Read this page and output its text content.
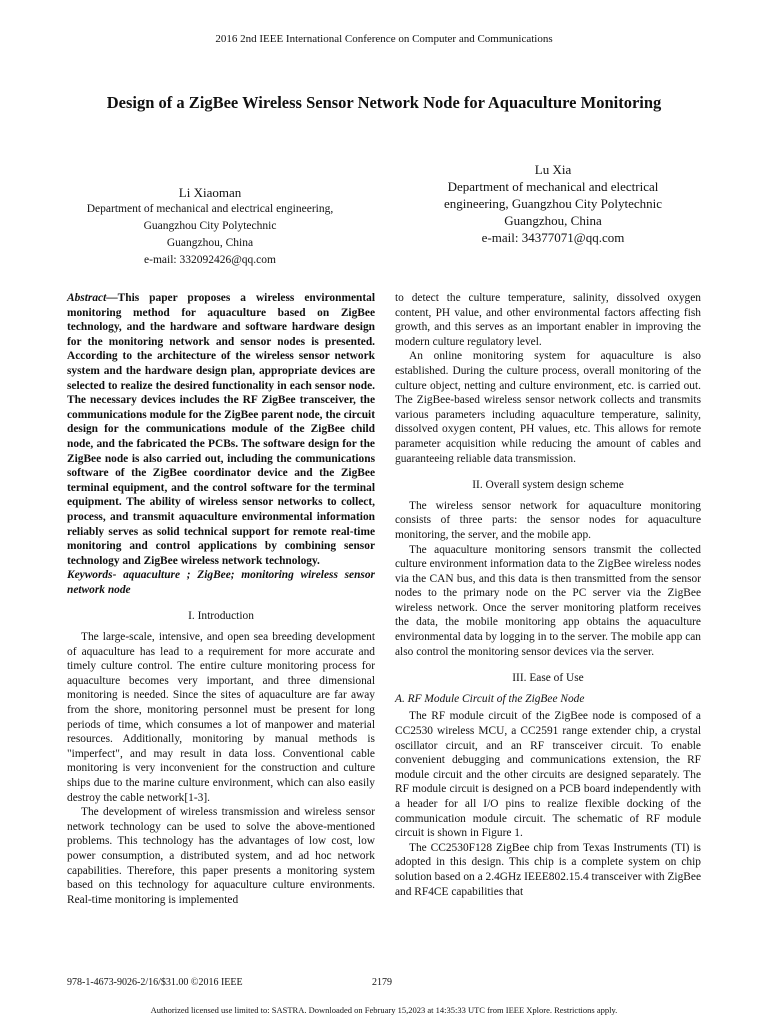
2016 2nd IEEE International Conference on Computer and Communications
Design of a ZigBee Wireless Sensor Network Node for Aquaculture Monitoring
Li Xiaoman
Department of mechanical and electrical engineering,
Guangzhou City Polytechnic
Guangzhou, China
e-mail: 332092426@qq.com
Lu Xia
Department of mechanical and electrical
engineering, Guangzhou City Polytechnic
Guangzhou, China
e-mail: 34377071@qq.com

Abstract—This paper proposes a wireless environmental monitoring method for aquaculture based on ZigBee technology, and the hardware and software hardware design for the monitoring network and sensor nodes is presented. According to the architecture of the wireless sensor network system and the hardware design plan, appropriate devices are selected to realize the desired functionality in each sensor node. The necessary devices includes the RF ZigBee transceiver, the communications module for the ZigBee parent node, the circuit design for the communications module of the ZigBee child node, and the fabricated the PCBs. The software design for the ZigBee node is also carried out, including the communications software of the ZigBee coordinator device and the ZigBee terminal equipment, and the control software for the terminal equipment. The ability of wireless sensor networks to collect, process, and transmit aquaculture environmental information reliably serves as solid technical support for remote real-time monitoring and control applications by combining sensor technology and ZigBee wireless network technology.

Keywords- aquaculture ; ZigBee; monitoring wireless sensor network node

I. Introduction

The large-scale, intensive, and open sea breeding development of aquaculture has lead to a requirement for more accurate and timely culture control. The entire culture monitoring process for aquaculture becomes very important, and three dimensional monitoring is needed. Since the sites of aquaculture are far away from the shore, monitoring personnel must be present for long periods of time, which consumes a lot of manpower and material resources. Additionally, monitoring by manual methods is "imperfect", and may result in data loss. Conventional cable monitoring is very inconvenient for the construction and culture ships due to the marine culture environment, which can also easily destroy the cable network[1-3].

The development of wireless transmission and wireless sensor network technology can be used to solve the above-mentioned problems. This technology has the advantages of low cost, low power consumption, a distributed system, and ad hoc network capabilities. Therefore, this paper presents a monitoring system based on this technology for aquaculture culture environments. Real-time monitoring is implemented

to detect the culture temperature, salinity, dissolved oxygen content, PH value, and other environmental factors affecting fish growth, and this serves as an important enabler in improving the modern culture regulatory level.

An online monitoring system for aquaculture is also established. During the culture process, overall monitoring of the culture object, netting and culture environment, etc. is carried out. The ZigBee-based wireless sensor network collects and transmits various parameters including aquaculture temperature, salinity, dissolved oxygen content, PH values, etc. This allows for remote parameter acquisition while reducing the amount of cables and guaranteeing reliable data transmission.

II. Overall system design scheme

The wireless sensor network for aquaculture monitoring consists of three parts: the sensor nodes for aquaculture monitoring, the server, and the mobile app.

The aquaculture monitoring sensors transmit the collected culture environment information data to the ZigBee wireless nodes via the CAN bus, and this data is then transmitted from the sensor nodes to the primary node on the PC server via the ZigBee wireless network. Once the server monitoring platform receives the data, the mobile monitoring app obtains the aquaculture environmental data by logging in to the server. The mobile app can also control the monitoring sensor devices via the server.

III. Ease of Use
A. RF Module Circuit of the ZigBee Node

The RF module circuit of the ZigBee node is composed of a CC2530 wireless MCU, a CC2591 range extender chip, a crystal oscillator circuit, and an RF transceiver circuit. To enable convenient debugging and communications extension, the RF module circuit and the other circuits are designed separately. The RF module circuit is designed on a PCB board independently with a header for all I/O pins to realize flexible docking of the communication module circuit. The schematic of RF module circuit is shown in Figure 1.

The CC2530F128 ZigBee chip from Texas Instruments (TI) is adopted in this design. This chip is a complete system on chip solution based on a 2.4GHz IEEE802.15.4 transceiver with ZigBee and RF4CE capabilities that

978-1-4673-9026-2/16/$31.00 ©2016 IEEE	2179
Authorized licensed use limited to: SASTRA. Downloaded on February 15,2023 at 14:35:33 UTC from IEEE Xplore. Restrictions apply.
